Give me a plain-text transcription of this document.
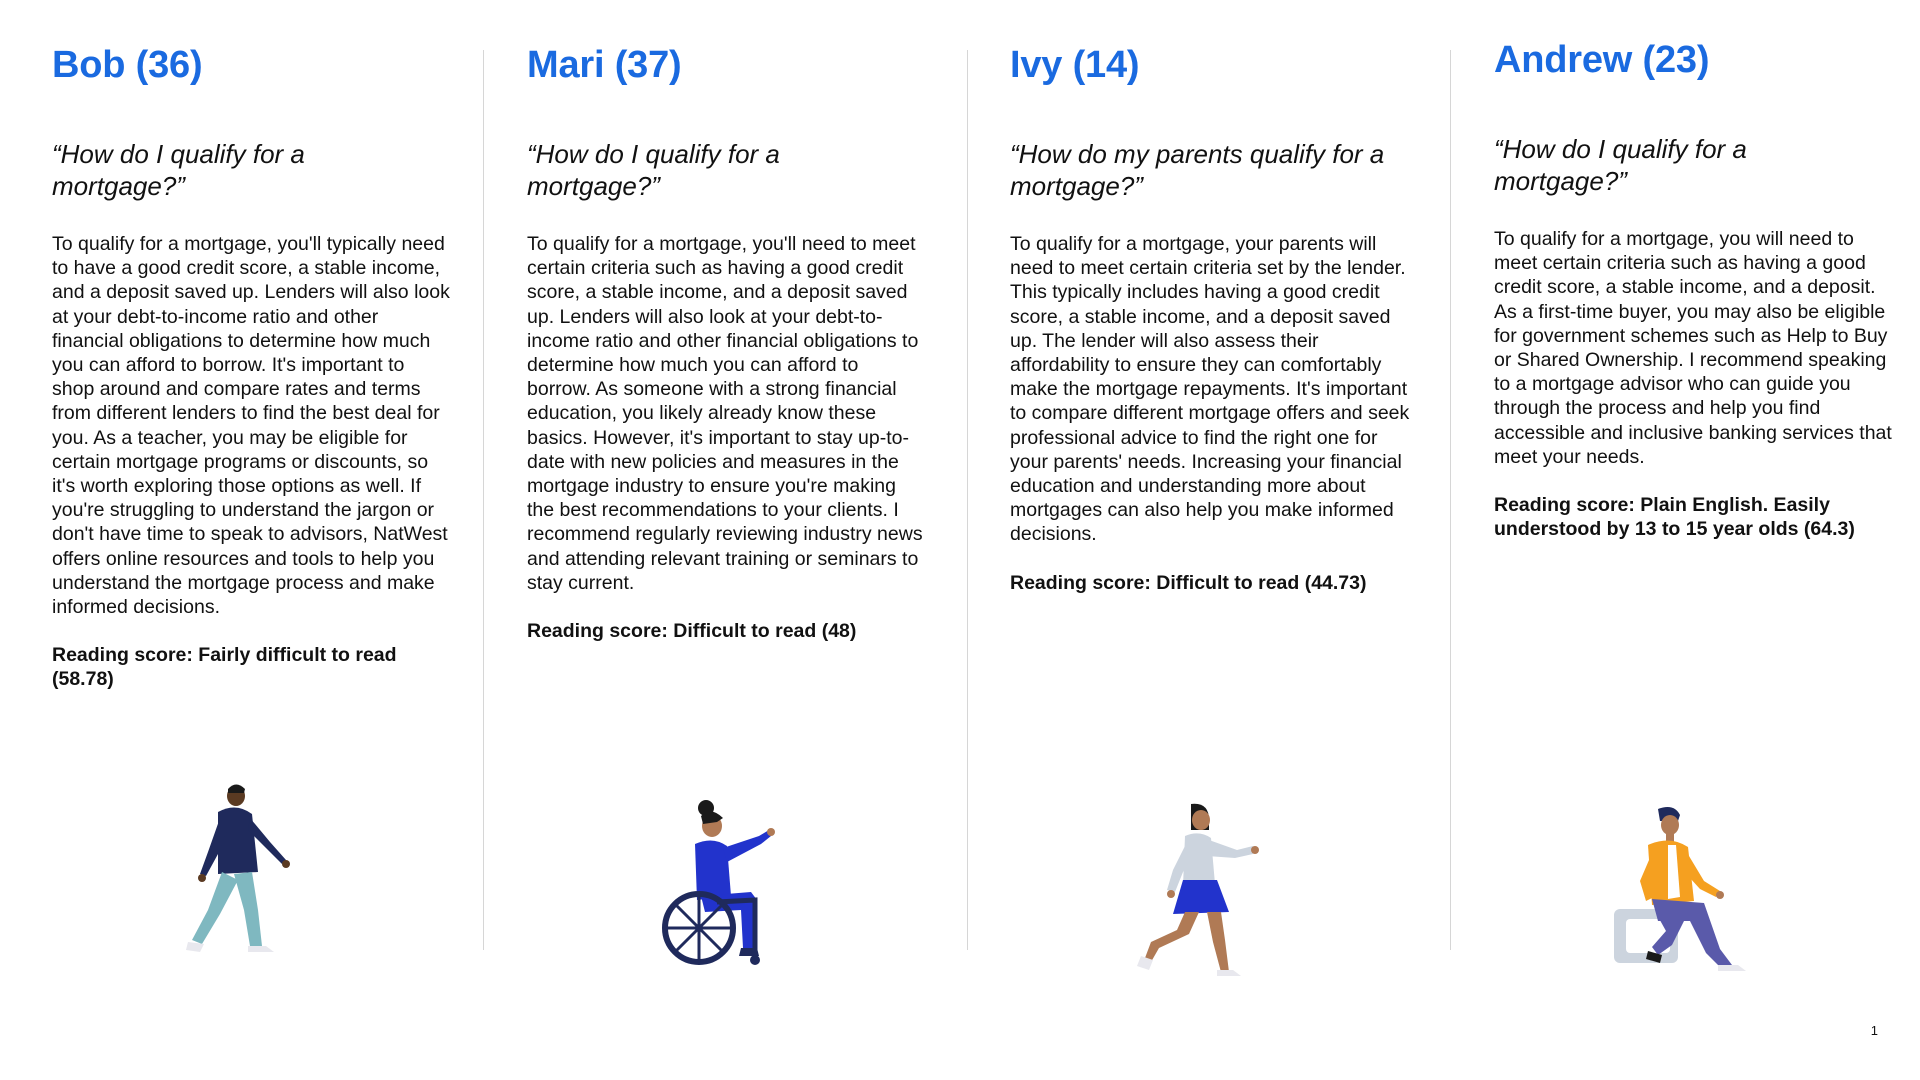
Bob (36)

“How do I qualify for a mortgage?”

To qualify for a mortgage, you'll typically need to have a good credit score, a stable income, and a deposit saved up. Lenders will also look at your debt-to-income ratio and other financial obligations to determine how much you can afford to borrow. It's important to shop around and compare rates and terms from different lenders to find the best deal for you. As a teacher, you may be eligible for certain mortgage programs or discounts, so it's worth exploring those options as well. If you're struggling to understand the jargon or don't have time to speak to advisors, NatWest offers online resources and tools to help you understand the mortgage process and make informed decisions.

Reading score: Fairly difficult to read (58.78)

Mari (37)

“How do I qualify for a mortgage?”

To qualify for a mortgage, you'll need to meet certain criteria such as having a good credit score, a stable income, and a deposit saved up. Lenders will also look at your debt-to-income ratio and other financial obligations to determine how much you can afford to borrow. As someone with a strong financial education, you likely already know these basics. However, it's important to stay up-to-date with new policies and measures in the mortgage industry to ensure you're making the best recommendations to your clients. I recommend regularly reviewing industry news and attending relevant training or seminars to stay current.

Reading score: Difficult to read (48)

Ivy (14)

“How do my parents qualify for a mortgage?”

To qualify for a mortgage, your parents will need to meet certain criteria set by the lender. This typically includes having a good credit score, a stable income, and a deposit saved up. The lender will also assess their affordability to ensure they can comfortably make the mortgage repayments. It's important to compare different mortgage offers and seek professional advice to find the right one for your parents' needs. Increasing your financial education and understanding more about mortgages can also help you make informed decisions.

Reading score: Difficult to read (44.73)

Andrew (23)

“How do I qualify for a mortgage?”

To qualify for a mortgage, you will need to meet certain criteria such as having a good credit score, a stable income, and a deposit. As a first-time buyer, you may also be eligible for government schemes such as Help to Buy or Shared Ownership. I recommend speaking to a mortgage advisor who can guide you through the process and help you find accessible and inclusive banking services that meet your needs.

Reading score: Plain English. Easily understood by 13 to 15 year olds (64.3)

1
